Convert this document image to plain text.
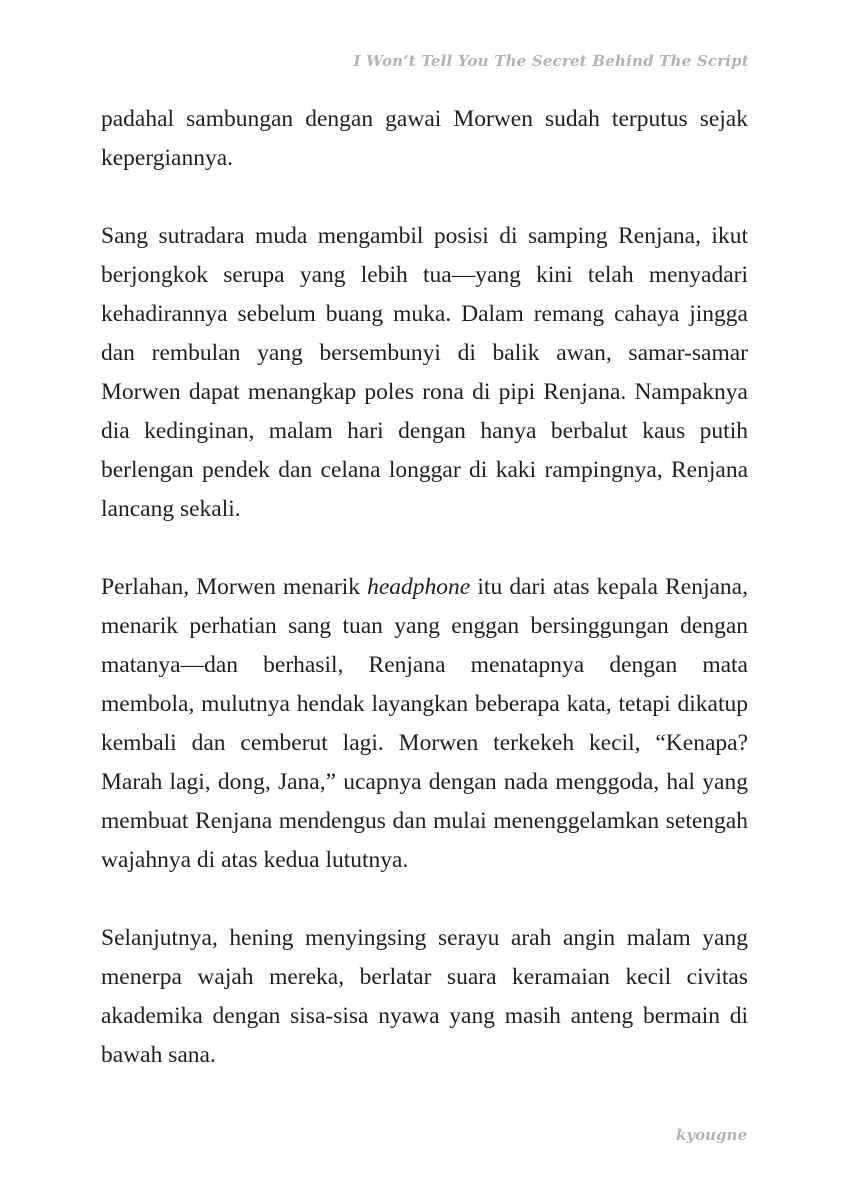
I Won’t Tell You The Secret Behind The Script

padahal sambungan dengan gawai Morwen sudah terputus sejak kepergiannya.

Sang sutradara muda mengambil posisi di samping Renjana, ikut berjongkok serupa yang lebih tua—yang kini telah menyadari kehadirannya sebelum buang muka. Dalam remang cahaya jingga dan rembulan yang bersembunyi di balik awan, samar-samar Morwen dapat menangkap poles rona di pipi Renjana. Nampaknya dia kedinginan, malam hari dengan hanya berbalut kaus putih berlengan pendek dan celana longgar di kaki rampingnya, Renjana lancang sekali.

Perlahan, Morwen menarik headphone itu dari atas kepala Renjana, menarik perhatian sang tuan yang enggan bersinggungan dengan matanya—dan berhasil, Renjana menatapnya dengan mata membola, mulutnya hendak layangkan beberapa kata, tetapi dikatup kembali dan cemberut lagi. Morwen terkekeh kecil, “Kenapa? Marah lagi, dong, Jana,” ucapnya dengan nada menggoda, hal yang membuat Renjana mendengus dan mulai menenggelamkan setengah wajahnya di atas kedua lututnya.

Selanjutnya, hening menyingsing serayu arah angin malam yang menerpa wajah mereka, berlatar suara keramaian kecil civitas akademika dengan sisa-sisa nyawa yang masih anteng bermain di bawah sana.

kyougne
